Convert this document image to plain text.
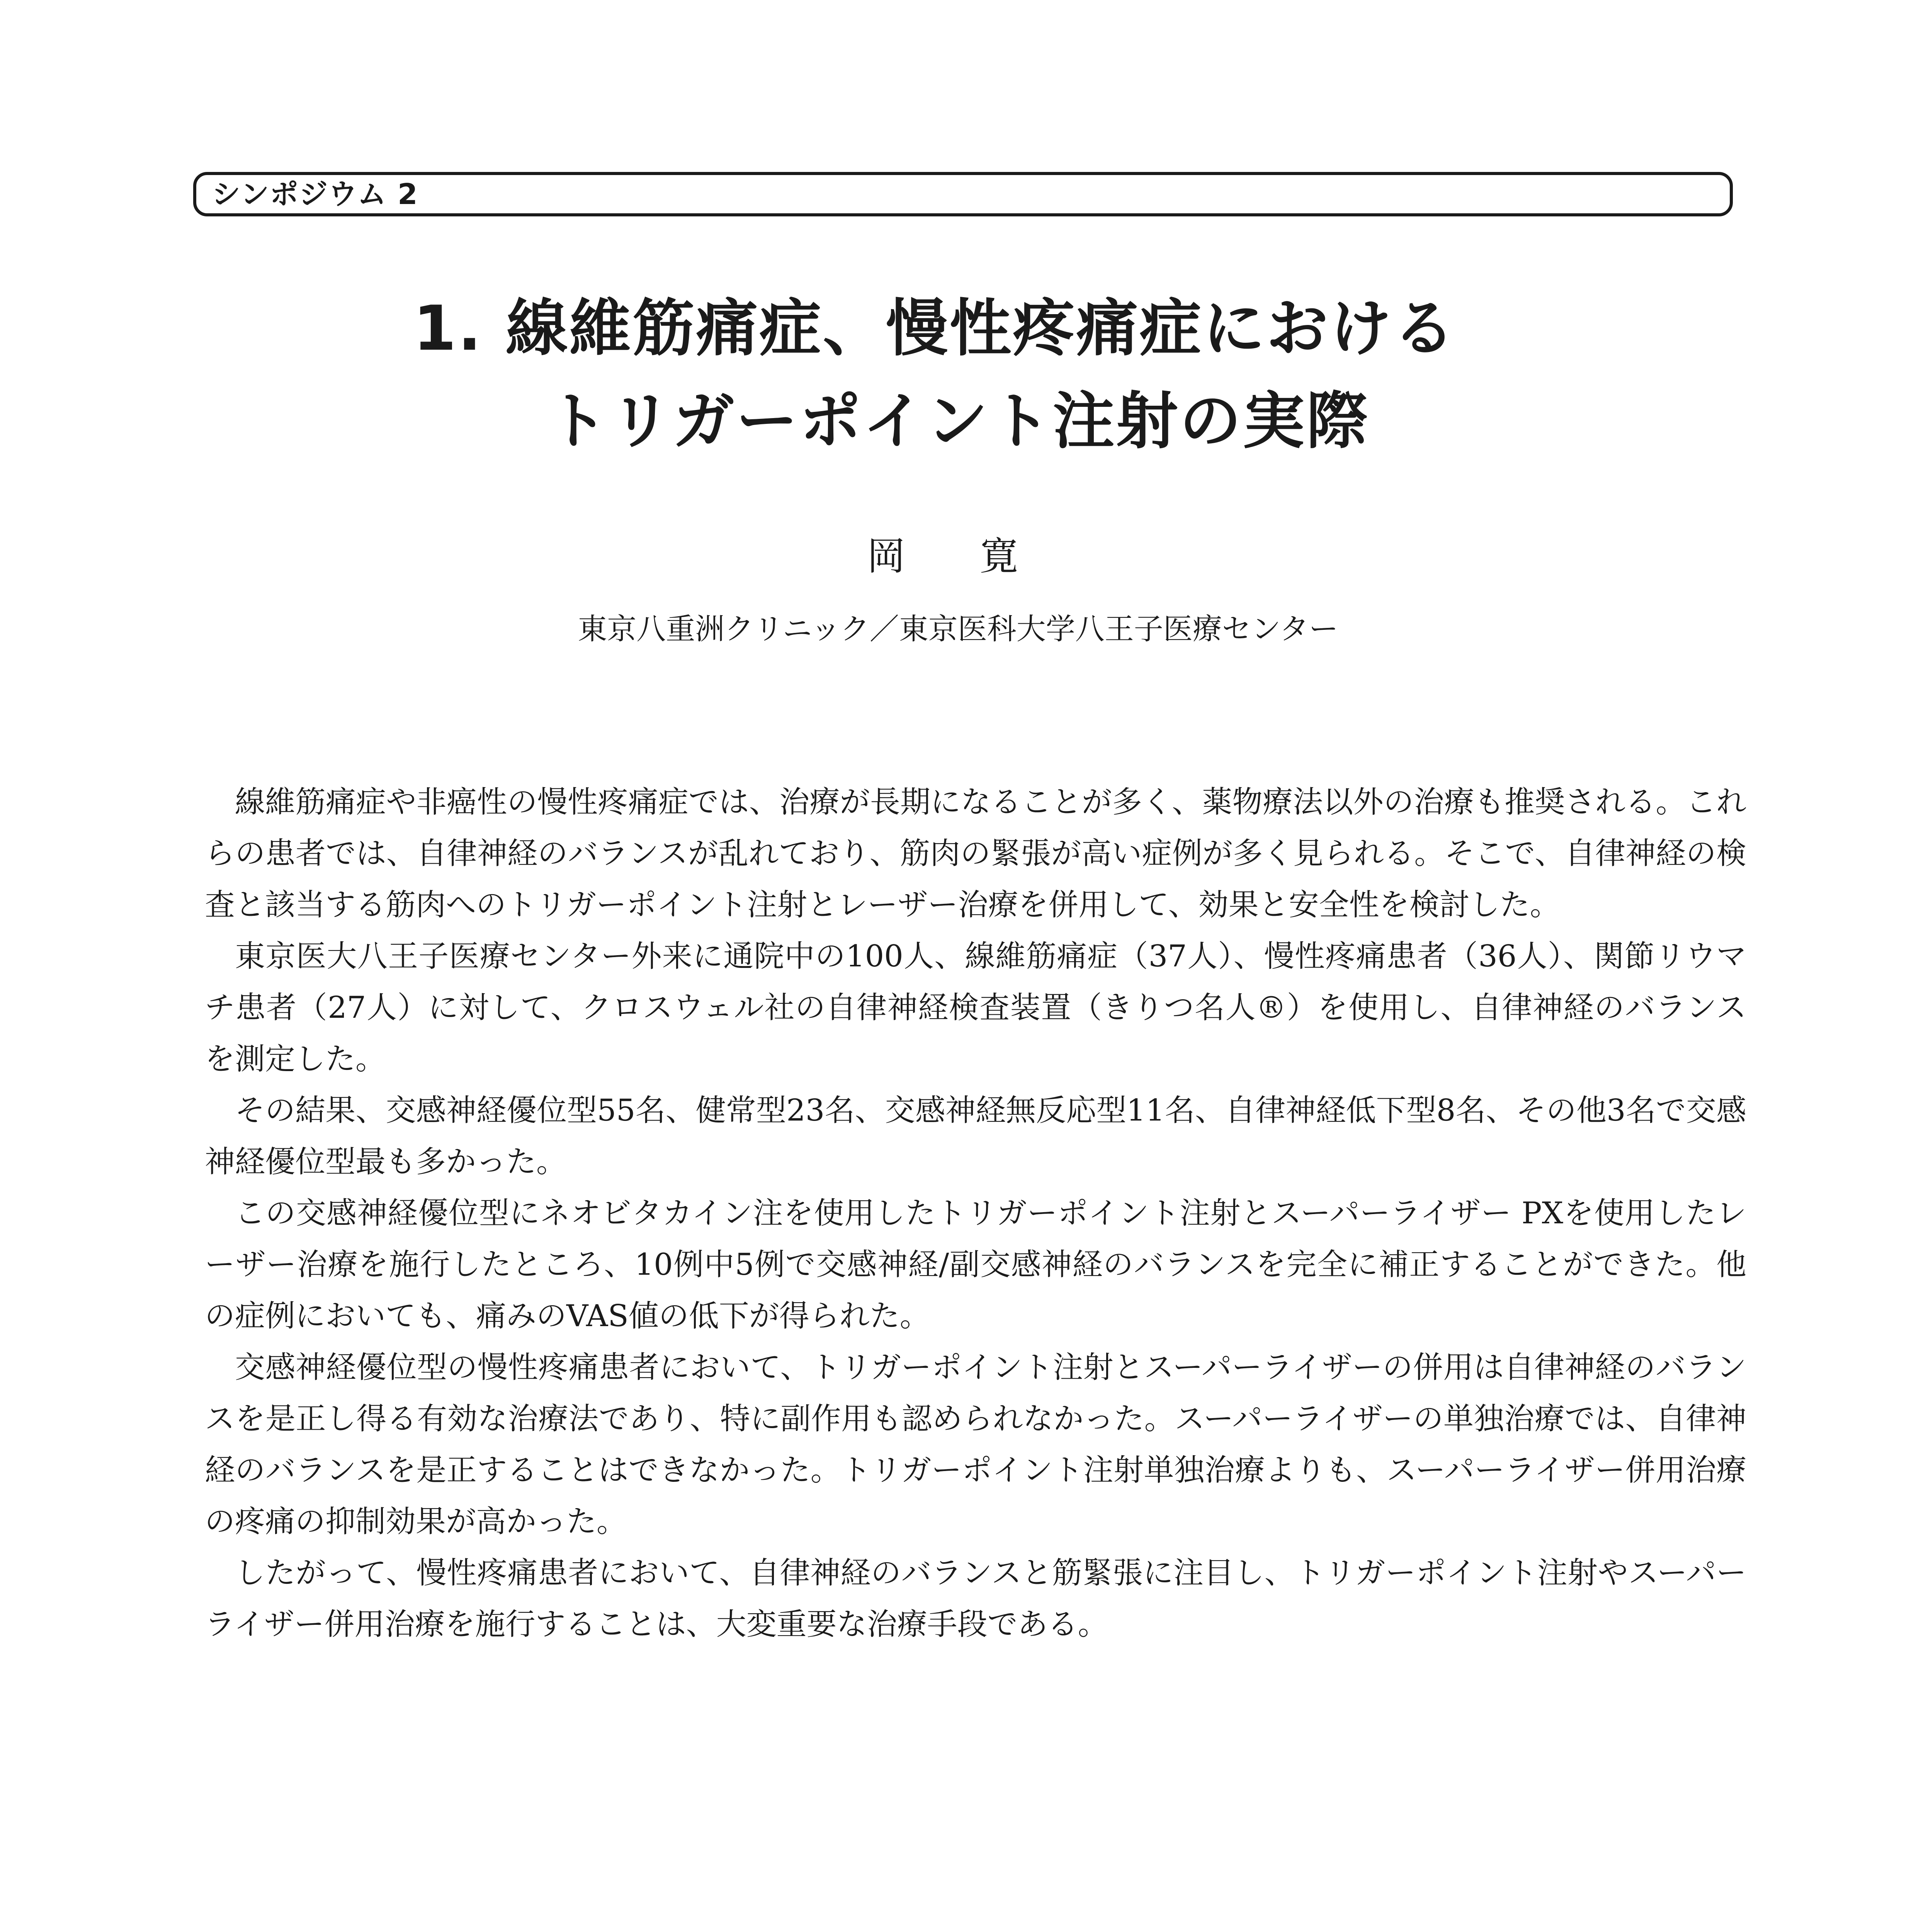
シンポジウム 2
1. 線維筋痛症、慢性疼痛症における
トリガーポイント注射の実際
岡 寛
東京八重洲クリニック／東京医科大学八王子医療センター

線維筋痛症や非癌性の慢性疼痛症では、治療が長期になることが多く、薬物療法以外の治療も推奨される。これらの患者では、自律神経のバランスが乱れており、筋肉の緊張が高い症例が多く見られる。そこで、自律神経の検査と該当する筋肉へのトリガーポイント注射とレーザー治療を併用して、効果と安全性を検討した。

東京医大八王子医療センター外来に通院中の100人、線維筋痛症（37人）、慢性疼痛患者（36人）、関節リウマチ患者（27人）に対して、クロスウェル社の自律神経検査装置（きりつ名人®）を使用し、自律神経のバランスを測定した。

その結果、交感神経優位型55名、健常型23名、交感神経無反応型11名、自律神経低下型8名、その他3名で交感神経優位型最も多かった。

この交感神経優位型にネオビタカイン注を使用したトリガーポイント注射とスーパーライザー PXを使用したレーザー治療を施行したところ、10例中5例で交感神経/副交感神経のバランスを完全に補正することができた。他の症例においても、痛みのVAS値の低下が得られた。

交感神経優位型の慢性疼痛患者において、トリガーポイント注射とスーパーライザーの併用は自律神経のバランスを是正し得る有効な治療法であり、特に副作用も認められなかった。スーパーライザーの単独治療では、自律神経のバランスを是正することはできなかった。トリガーポイント注射単独治療よりも、スーパーライザー併用治療の疼痛の抑制効果が高かった。

したがって、慢性疼痛患者において、自律神経のバランスと筋緊張に注目し、トリガーポイント注射やスーパーライザー併用治療を施行することは、大変重要な治療手段である。
